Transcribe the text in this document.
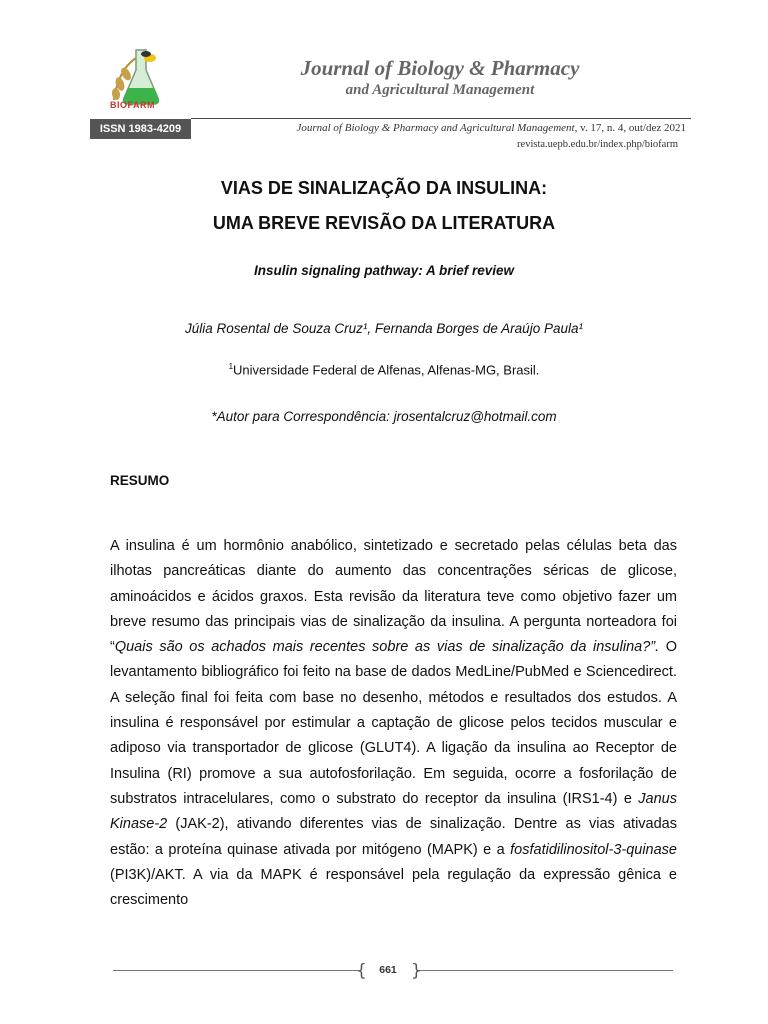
BIOFARM
Journal of Biology & Pharmacy
and Agricultural Management
ISSN 1983-4209	Journal of Biology & Pharmacy and Agricultural Management, v. 17, n. 4, out/dez 2021
revista.uepb.edu.br/index.php/biofarm
VIAS DE SINALIZAÇÃO DA INSULINA:
UMA BREVE REVISÃO DA LITERATURA
Insulin signaling pathway: A brief review
Júlia Rosental de Souza Cruz¹, Fernanda Borges de Araújo Paula¹
$^1$Universidade Federal de Alfenas, Alfenas-MG, Brasil.
*Autor para Correspondência: jrosentalcruz@hotmail.com
RESUMO
A insulina é um hormônio anabólico, sintetizado e secretado pelas células beta das ilhotas pancreáticas diante do aumento das concentrações séricas de glicose, aminoácidos e ácidos graxos. Esta revisão da literatura teve como objetivo fazer um breve resumo das principais vias de sinalização da insulina. A pergunta norteadora foi “Quais são os achados mais recentes sobre as vias de sinalização da insulina?”. O levantamento bibliográfico foi feito na base de dados MedLine/PubMed e Sciencedirect. A seleção final foi feita com base no desenho, métodos e resultados dos estudos. A insulina é responsável por estimular a captação de glicose pelos tecidos muscular e adiposo via transportador de glicose (GLUT4). A ligação da insulina ao Receptor de Insulina (RI) promove a sua autofosforilação. Em seguida, ocorre a fosforilação de substratos intracelulares, como o substrato do receptor da insulina (IRS1-4) e Janus Kinase-2 (JAK-2), ativando diferentes vias de sinalização. Dentre as vias ativadas estão: a proteína quinase ativada por mitógeno (MAPK) e a fosfatidilinositol-3-quinase (PI3K)/AKT. A via da MAPK é responsável pela regulação da expressão gênica e crescimento
{	}
661
